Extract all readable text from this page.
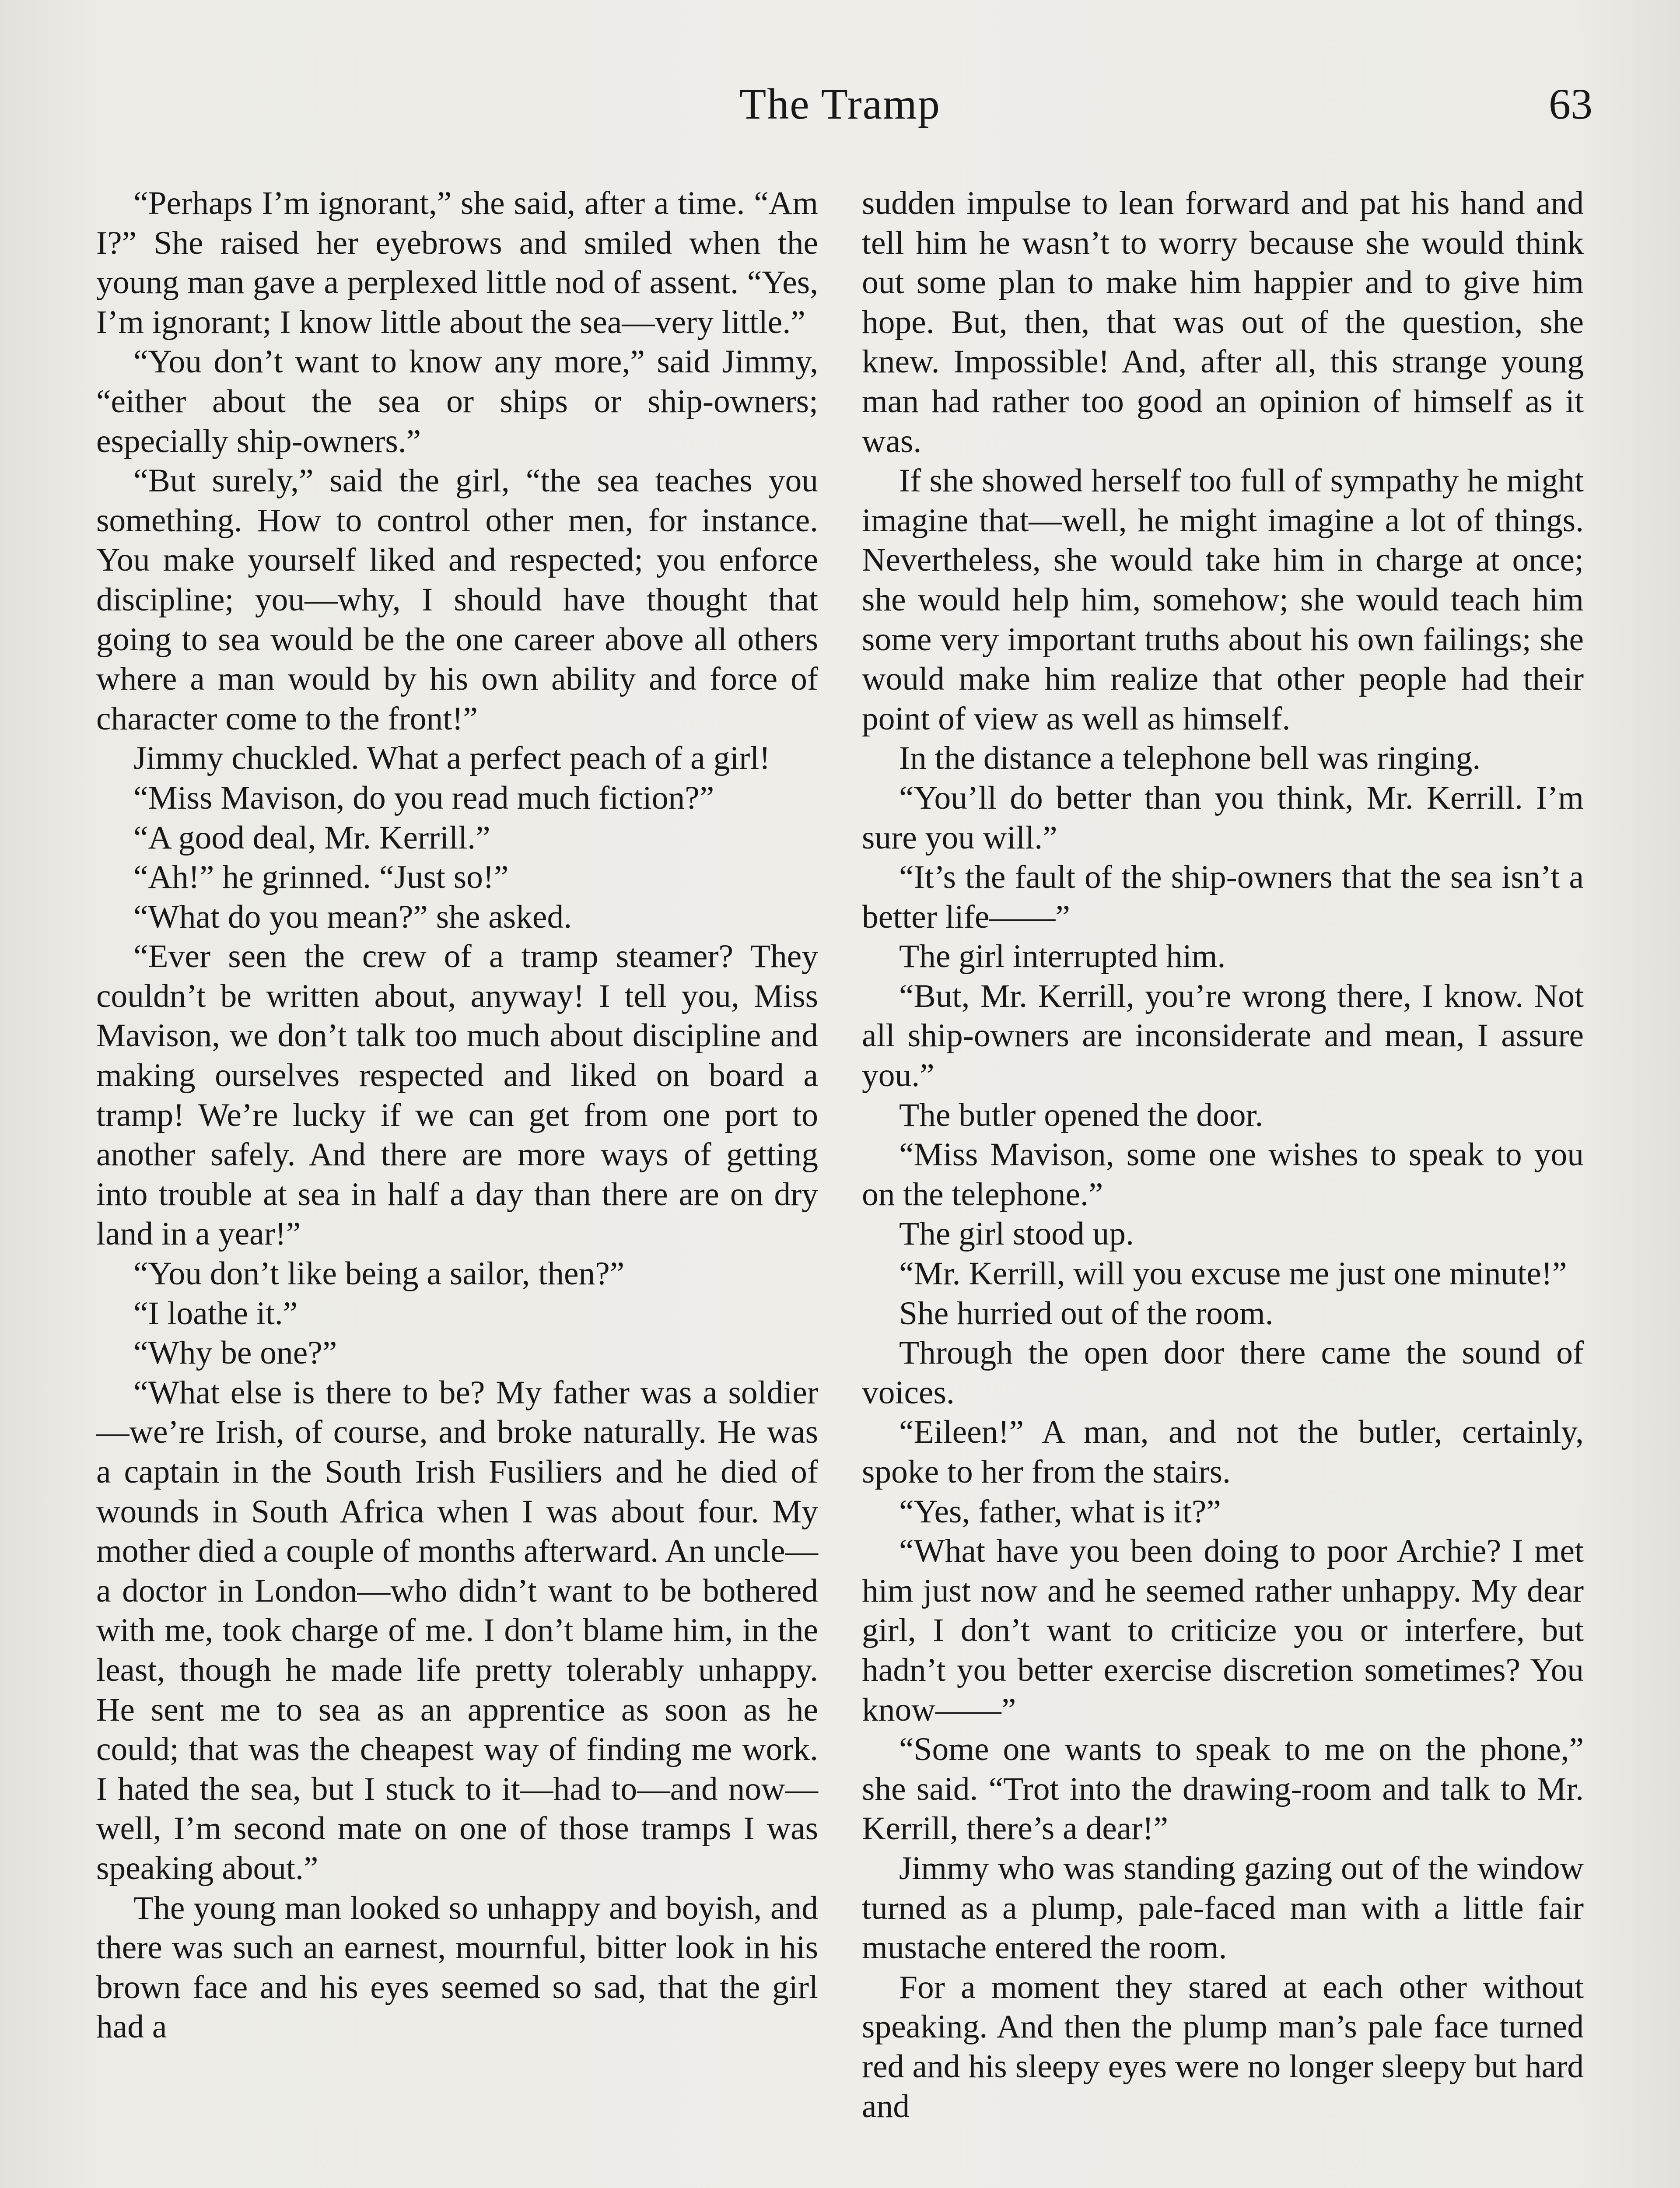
The Tramp	63

“Perhaps I’m ignorant,” she said, after a time. “Am I?” She raised her eyebrows and smiled when the young man gave a perplexed little nod of assent. “Yes, I’m ignorant; I know little about the sea—very little.”

“You don’t want to know any more,” said Jimmy, “either about the sea or ships or ship-owners; especially ship-owners.”

“But surely,” said the girl, “the sea teaches you something. How to control other men, for instance. You make yourself liked and respected; you enforce discipline; you—why, I should have thought that going to sea would be the one career above all others where a man would by his own ability and force of character come to the front!”

Jimmy chuckled. What a perfect peach of a girl!

“Miss Mavison, do you read much fiction?”

“A good deal, Mr. Kerrill.”

“Ah!” he grinned. “Just so!”

“What do you mean?” she asked.

“Ever seen the crew of a tramp steamer? They couldn’t be written about, anyway! I tell you, Miss Mavison, we don’t talk too much about discipline and making ourselves respected and liked on board a tramp! We’re lucky if we can get from one port to another safely. And there are more ways of getting into trouble at sea in half a day than there are on dry land in a year!”

“You don’t like being a sailor, then?”

“I loathe it.”

“Why be one?”

“What else is there to be? My father was a soldier—we’re Irish, of course, and broke naturally. He was a captain in the South Irish Fusiliers and he died of wounds in South Africa when I was about four. My mother died a couple of months afterward. An uncle—a doctor in London—who didn’t want to be bothered with me, took charge of me. I don’t blame him, in the least, though he made life pretty tolerably unhappy. He sent me to sea as an apprentice as soon as he could; that was the cheapest way of finding me work. I hated the sea, but I stuck to it—had to—and now—well, I’m second mate on one of those tramps I was speaking about.”

The young man looked so unhappy and boyish, and there was such an earnest, mournful, bitter look in his brown face and his eyes seemed so sad, that the girl had a

sudden impulse to lean forward and pat his hand and tell him he wasn’t to worry because she would think out some plan to make him happier and to give him hope. But, then, that was out of the question, she knew. Impossible! And, after all, this strange young man had rather too good an opinion of himself as it was.

If she showed herself too full of sympathy he might imagine that—well, he might imagine a lot of things. Nevertheless, she would take him in charge at once; she would help him, somehow; she would teach him some very important truths about his own failings; she would make him realize that other people had their point of view as well as himself.

In the distance a telephone bell was ringing.

“You’ll do better than you think, Mr. Kerrill. I’m sure you will.”

“It’s the fault of the ship-owners that the sea isn’t a better life——”

The girl interrupted him.

“But, Mr. Kerrill, you’re wrong there, I know. Not all ship-owners are inconsiderate and mean, I assure you.”

The butler opened the door.

“Miss Mavison, some one wishes to speak to you on the telephone.”

The girl stood up.

“Mr. Kerrill, will you excuse me just one minute!”

She hurried out of the room.

Through the open door there came the sound of voices.

“Eileen!” A man, and not the butler, certainly, spoke to her from the stairs.

“Yes, father, what is it?”

“What have you been doing to poor Archie? I met him just now and he seemed rather unhappy. My dear girl, I don’t want to criticize you or interfere, but hadn’t you better exercise discretion sometimes? You know——”

“Some one wants to speak to me on the phone,” she said. “Trot into the drawing-room and talk to Mr. Kerrill, there’s a dear!”

Jimmy who was standing gazing out of the window turned as a plump, pale-faced man with a little fair mustache entered the room.

For a moment they stared at each other without speaking. And then the plump man’s pale face turned red and his sleepy eyes were no longer sleepy but hard and
